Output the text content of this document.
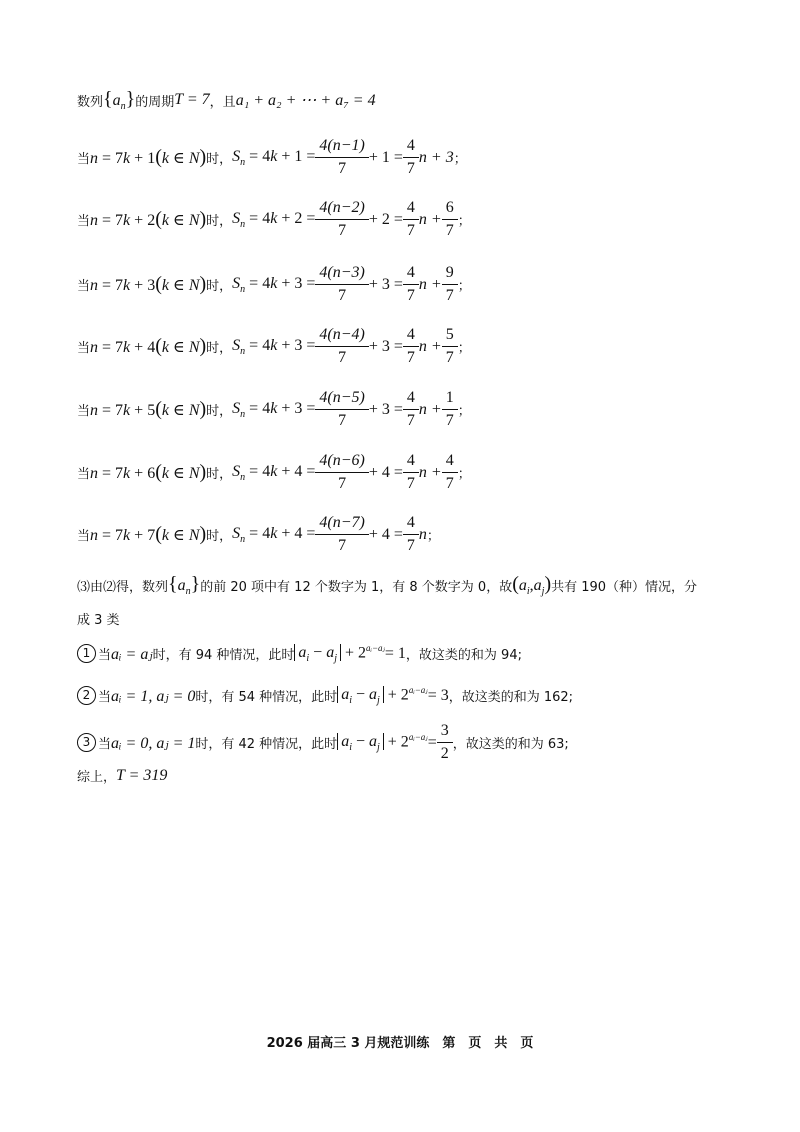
数列 $\{a_n\}$ 的周期 T = 7 ， 且 a₁ + a₂ + ⋯ + a₇ = 4
当 n = 7k + 1(k ∈ N) 时， $S_n = 4k + 1 = \frac{4(n-1)}{7} + 1 = \frac{4}{7}$ n + 3 ；
当 n = 7k + 2(k ∈ N) 时， $S_n = 4k + 2 = \frac{4(n-2)}{7} + 2 = \frac{4}{7}$ $n + \frac{6}{7}$ ；
当 n = 7k + 3(k ∈ N) 时， $S_n = 4k + 3 = \frac{4(n-3)}{7} + 3 = \frac{4}{7}$ $n + \frac{9}{7}$ ；
当 n = 7k + 4(k ∈ N) 时， $S_n = 4k + 3 = \frac{4(n-4)}{7} + 3 = \frac{4}{7}$ $n + \frac{5}{7}$ ；
当 n = 7k + 5(k ∈ N) 时， $S_n = 4k + 3 = \frac{4(n-5)}{7} + 3 = \frac{4}{7}$ $n + \frac{1}{7}$ ；
当 n = 7k + 6(k ∈ N) 时， $S_n = 4k + 4 = \frac{4(n-6)}{7} + 4 = \frac{4}{7}$ $n + \frac{4}{7}$ ；
当 n = 7k + 7(k ∈ N) 时， $S_n = 4k + 4 = \frac{4(n-7)}{7} + 4 = \frac{4}{7}$ n ；
⑶由⑵得，数列 $\{a_n\}$ 的前 20 项中有 12 个数字为 1，有 8 个数字为 0，故 $(a_i,a_j)$ 共有 190（种）情况，分
成 3 类
1 当 aᵢ = aⱼ 时，有 94 种情况，此时 $a_i - a_j + 2^{aᵢ-aⱼ} = 1$ ，故这类的和为 94;
2 当 aᵢ = 1, aⱼ = 0 时，有 54 种情况，此时 $a_i - a_j + 2^{aᵢ-aⱼ} = 3$ ，故这类的和为 162;
3 当 aᵢ = 0, aⱼ = 1 时，有 42 种情况，此时 $a_i - a_j + 2^{aᵢ-aⱼ} = \frac{3}{2}$ ，故这类的和为 63;
综上， T = 319
2026 届高三 3 月规范训练　第　页　共　页
